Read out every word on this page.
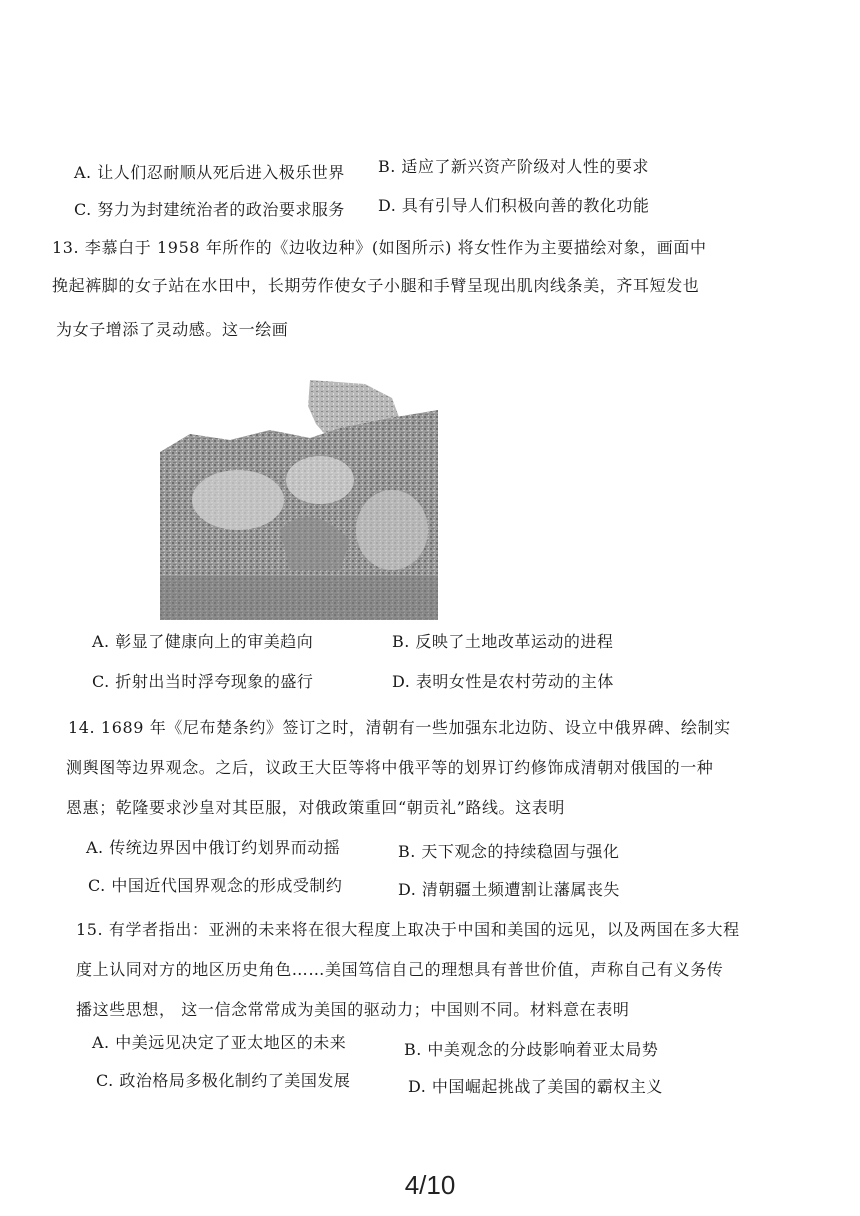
A. 让人们忍耐顺从死后进入极乐世界 B. 适应了新兴资产阶级对人性的要求
C. 努力为封建统治者的政治要求服务 D. 具有引导人们积极向善的教化功能
13. 李慕白于 1958 年所作的《边收边种》(如图所示) 将女性作为主要描绘对象，画面中
挽起裤脚的女子站在水田中，长期劳作使女子小腿和手臂呈现出肌肉线条美，齐耳短发也
为女子增添了灵动感。这一绘画
A. 彰显了健康向上的审美趋向	B. 反映了土地改革运动的进程
C. 折射出当时浮夸现象的盛行	D. 表明女性是农村劳动的主体
14. 1689 年《尼布楚条约》签订之时，清朝有一些加强东北边防、设立中俄界碑、绘制实
测舆图等边界观念。之后，议政王大臣等将中俄平等的划界订约修饰成清朝对俄国的一种
恩惠；乾隆要求沙皇对其臣服，对俄政策重回“朝贡礼”路线。这表明
A. 传统边界因中俄订约划界而动摇	B. 天下观念的持续稳固与强化
C. 中国近代国界观念的形成受制约	D. 清朝疆土频遭割让藩属丧失
15. 有学者指出：亚洲的未来将在很大程度上取决于中国和美国的远见，以及两国在多大程
度上认同对方的地区历史角色……美国笃信自己的理想具有普世价值，声称自己有义务传
播这些思想， 这一信念常常成为美国的驱动力；中国则不同。材料意在表明
A. 中美远见决定了亚太地区的未来	B. 中美观念的分歧影响着亚太局势
C. 政治格局多极化制约了美国发展	D. 中国崛起挑战了美国的霸权主义
4/10
